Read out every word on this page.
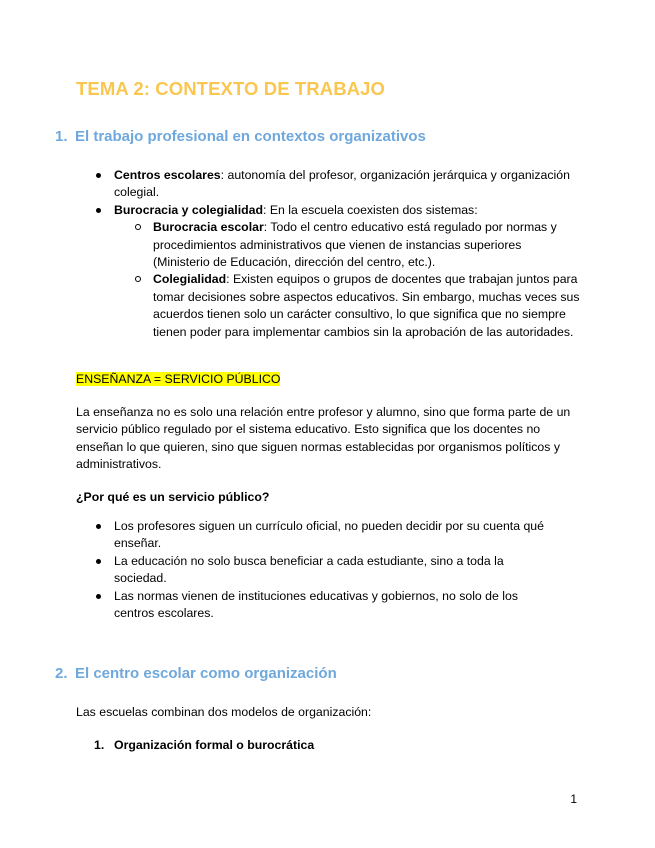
TEMA 2: CONTEXTO DE TRABAJO
1. El trabajo profesional en contextos organizativos
Centros escolares: autonomía del profesor, organización jerárquica y organización colegial.
Burocracia y colegialidad: En la escuela coexisten dos sistemas:
Burocracia escolar: Todo el centro educativo está regulado por normas y procedimientos administrativos que vienen de instancias superiores (Ministerio de Educación, dirección del centro, etc.).
Colegialidad: Existen equipos o grupos de docentes que trabajan juntos para tomar decisiones sobre aspectos educativos. Sin embargo, muchas veces sus acuerdos tienen solo un carácter consultivo, lo que significa que no siempre tienen poder para implementar cambios sin la aprobación de las autoridades.

ENSEÑANZA = SERVICIO PÚBLICO

La enseñanza no es solo una relación entre profesor y alumno, sino que forma parte de un servicio público regulado por el sistema educativo. Esto significa que los docentes no enseñan lo que quieren, sino que siguen normas establecidas por organismos políticos y administrativos.

¿Por qué es un servicio público?

Los profesores siguen un currículo oficial, no pueden decidir por su cuenta qué enseñar.
La educación no solo busca beneficiar a cada estudiante, sino a toda la sociedad.
Las normas vienen de instituciones educativas y gobiernos, no solo de los centros escolares.
2. El centro escolar como organización

Las escuelas combinan dos modelos de organización:

1. Organización formal o burocrática

1
